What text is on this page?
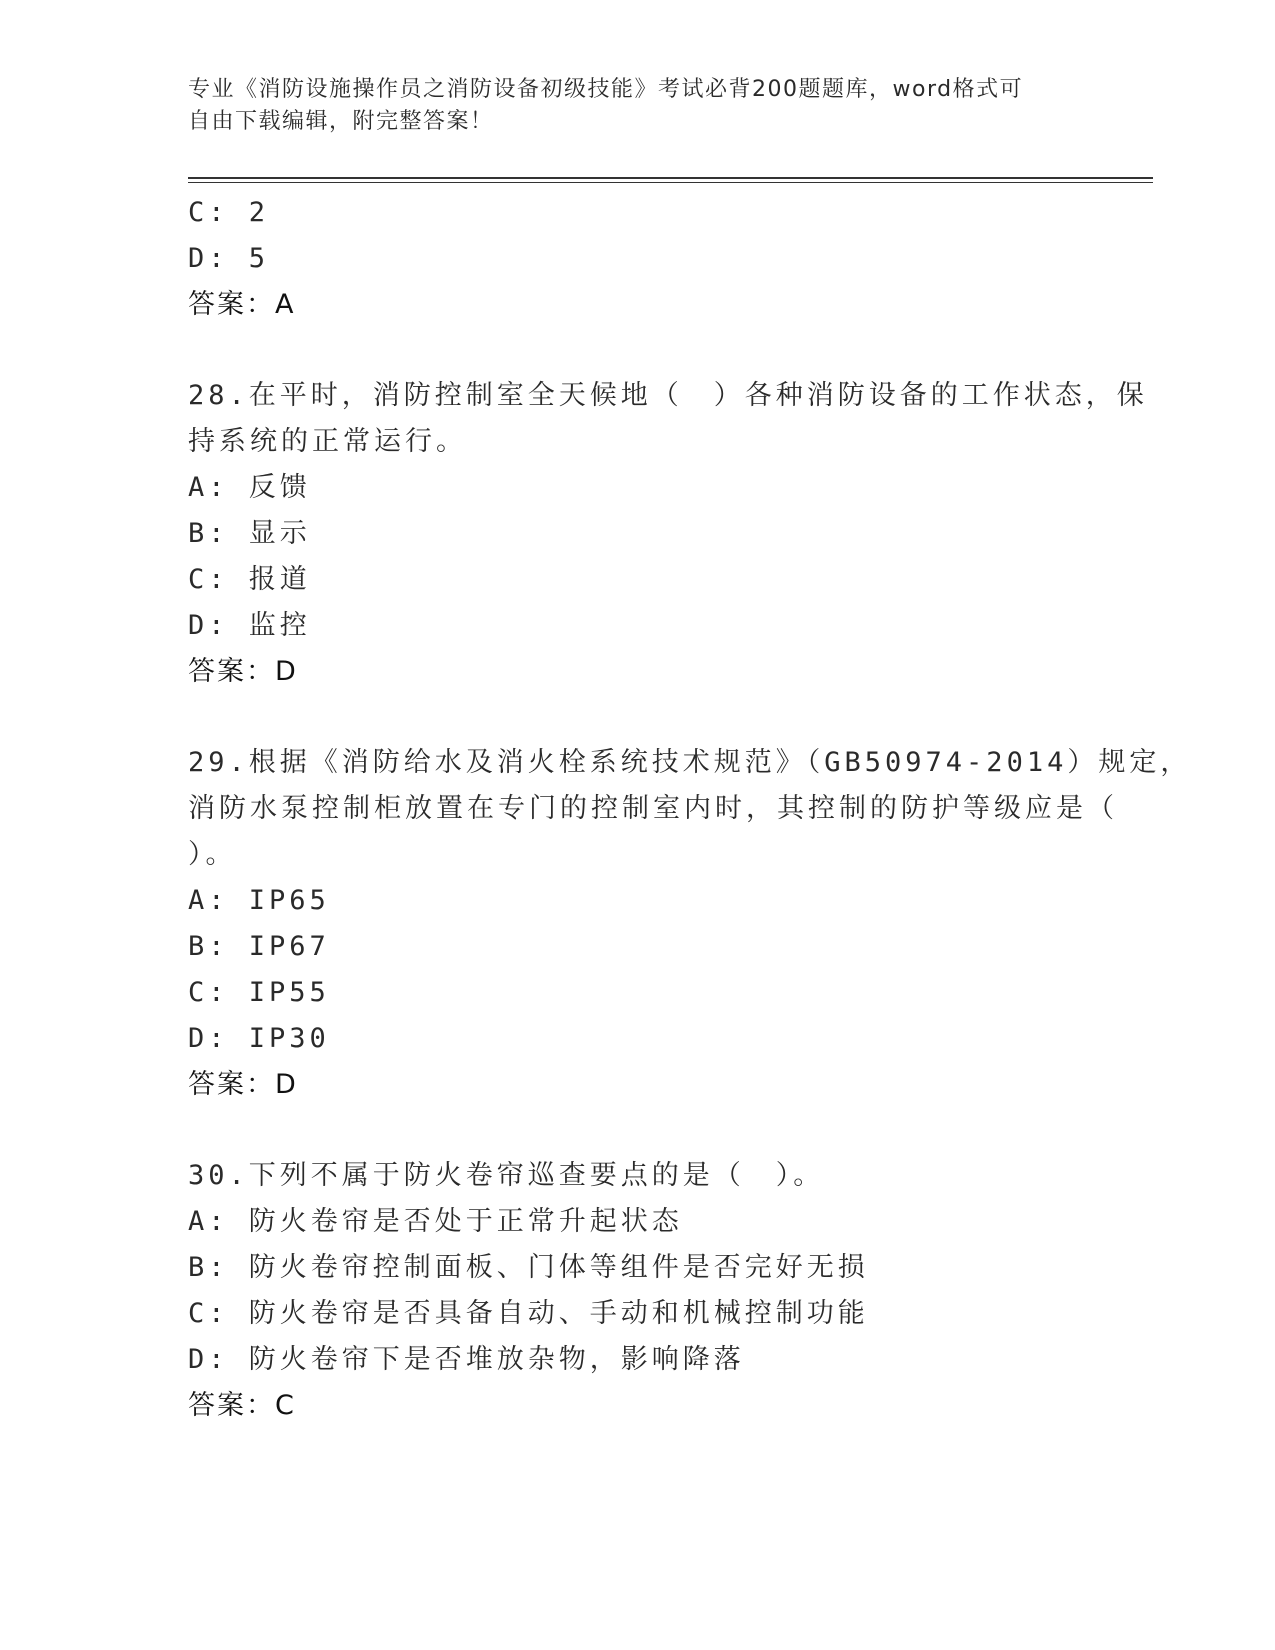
专业《消防设施操作员之消防设备初级技能》考试必背200题题库，word格式可
自由下载编辑，附完整答案！
C: 2
D: 5
答案：A
28.在平时，消防控制室全天候地（　）各种消防设备的工作状态，保
持系统的正常运行。
A: 反馈
B: 显示
C: 报道
D: 监控
答案：D
29.根据《消防给水及消火栓系统技术规范》（GB50974-2014）规定，
消防水泵控制柜放置在专门的控制室内时，其控制的防护等级应是（
）。
A: IP65
B: IP67
C: IP55
D: IP30
答案：D
30.下列不属于防火卷帘巡查要点的是（　）。
A: 防火卷帘是否处于正常升起状态
B: 防火卷帘控制面板、门体等组件是否完好无损
C: 防火卷帘是否具备自动、手动和机械控制功能
D: 防火卷帘下是否堆放杂物，影响降落
答案：C
